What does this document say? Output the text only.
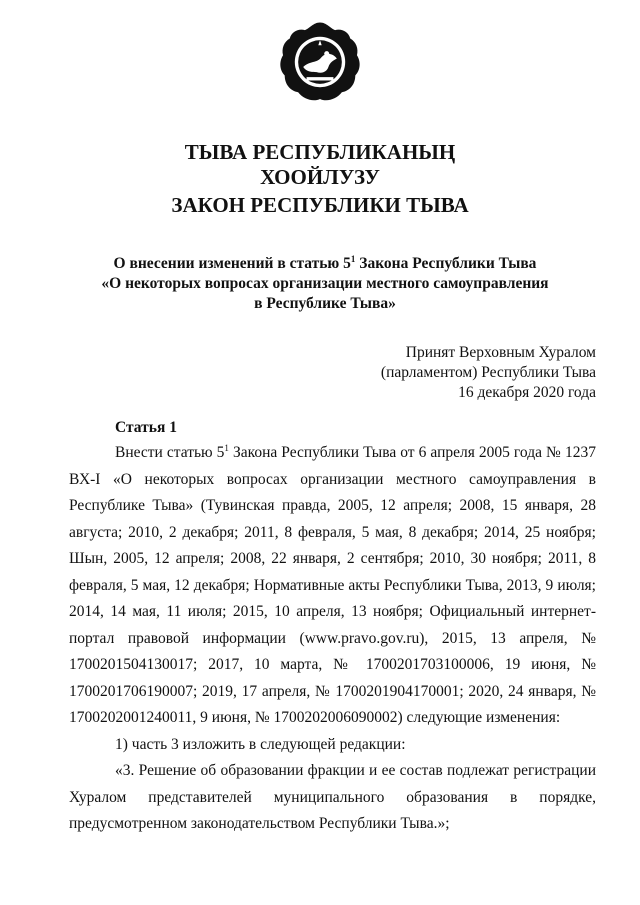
ТЫВА РЕСПУБЛИКАНЫҢ
ХООЙЛУЗУ
ЗАКОН РЕСПУБЛИКИ ТЫВА
О внесении изменений в статью $5^1$ Закона Республики Тыва
«О некоторых вопросах организации местного самоуправления
в Республике Тыва»
Принят Верховным Хуралом
(парламентом) Республики Тыва
16 декабря 2020 года
Статья 1

Внести статью $5^1$ Закона Республики Тыва от 6 апреля 2005 года № 1237 ВХ-I «О некоторых вопросах организации местного самоуправления в Республике Тыва» (Тувинская правда, 2005, 12 апреля; 2008, 15 января, 28 августа; 2010, 2 декабря; 2011, 8 февраля, 5 мая, 8 декабря; 2014, 25 ноября; Шын, 2005, 12 апреля; 2008, 22 января, 2 сентября; 2010, 30 ноября; 2011, 8 февраля, 5 мая, 12 декабря; Нормативные акты Республики Тыва, 2013, 9 июля; 2014, 14 мая, 11 июля; 2015, 10 апреля, 13 ноября; Официальный интернет-портал правовой информации (www.pravo.gov.ru), 2015, 13 апреля, № 1700201504130017; 2017, 10 марта, № 1700201703100006, 19 июня, № 1700201706190007; 2019, 17 апреля, № 1700201904170001; 2020, 24 января, № 1700202001240011, 9 июня, № 1700202006090002) следующие изменения:

1) часть 3 изложить в следующей редакции:

«3. Решение об образовании фракции и ее состав подлежат регистрации Хуралом представителей муниципального образования в порядке, предусмотренном законодательством Республики Тыва.»;
